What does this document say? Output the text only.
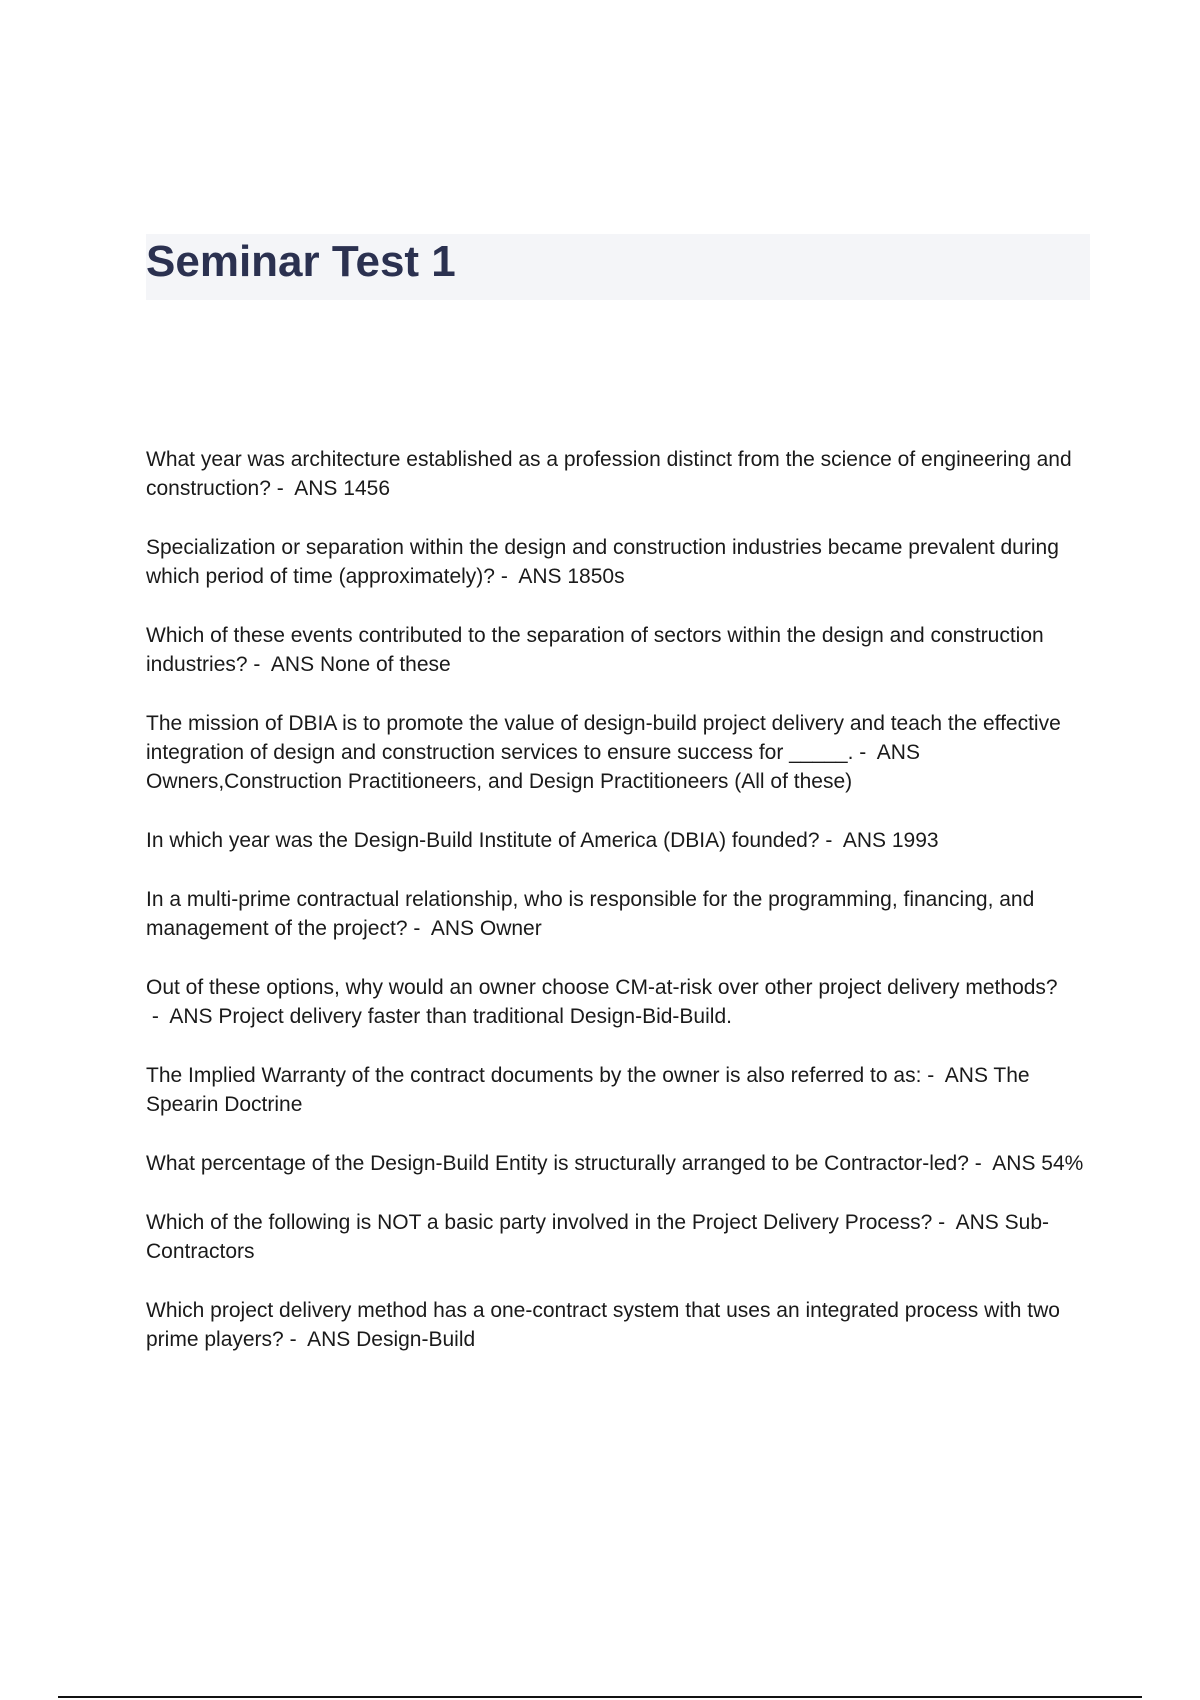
Seminar Test 1
What year was architecture established as a profession distinct from the science of engineering and construction? -  ANS 1456
Specialization or separation within the design and construction industries became prevalent during which period of time (approximately)? -  ANS 1850s
Which of these events contributed to the separation of sectors within the design and construction industries? -  ANS None of these
The mission of DBIA is to promote the value of design-build project delivery and teach the effective integration of design and construction services to ensure success for _____. -  ANS Owners,Construction Practitioneers, and Design Practitioneers (All of these)
In which year was the Design-Build Institute of America (DBIA) founded? -  ANS 1993
In a multi-prime contractual relationship, who is responsible for the programming, financing, and management of the project? -  ANS Owner
Out of these options, why would an owner choose CM-at-risk over other project delivery methods? -  ANS Project delivery faster than traditional Design-Bid-Build.
The Implied Warranty of the contract documents by the owner is also referred to as: -  ANS The Spearin Doctrine
What percentage of the Design-Build Entity is structurally arranged to be Contractor-led? -  ANS 54%
Which of the following is NOT a basic party involved in the Project Delivery Process? -  ANS Sub-Contractors
Which project delivery method has a one-contract system that uses an integrated process with two prime players? -  ANS Design-Build
